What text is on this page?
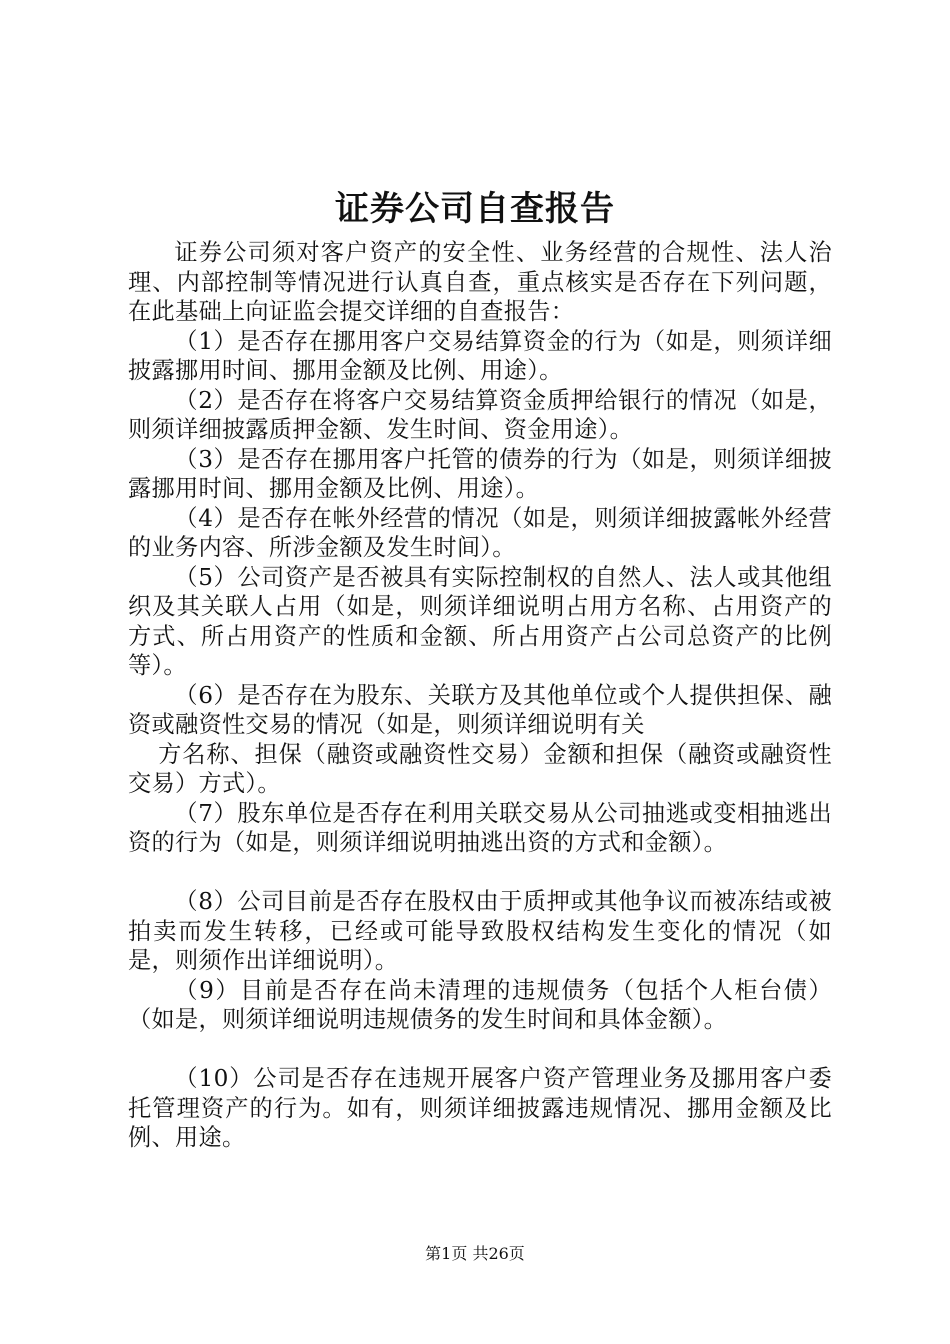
证券公司自查报告

证券公司须对客户资产的安全性、业务经营的合规性、法人治理、内部控制等情况进行认真自查，重点核实是否存在下列问题，在此基础上向证监会提交详细的自查报告：

（1）是否存在挪用客户交易结算资金的行为（如是，则须详细披露挪用时间、挪用金额及比例、用途）。

（2）是否存在将客户交易结算资金质押给银行的情况（如是，则须详细披露质押金额、发生时间、资金用途）。

（3）是否存在挪用客户托管的债券的行为（如是，则须详细披露挪用时间、挪用金额及比例、用途）。

（4）是否存在帐外经营的情况（如是，则须详细披露帐外经营的业务内容、所涉金额及发生时间）。

（5）公司资产是否被具有实际控制权的自然人、法人或其他组织及其关联人占用（如是，则须详细说明占用方名称、占用资产的方式、所占用资产的性质和金额、所占用资产占公司总资产的比例等）。

（6）是否存在为股东、关联方及其他单位或个人提供担保、融资或融资性交易的情况（如是，则须详细说明有关

方名称、担保（融资或融资性交易）金额和担保（融资或融资性交易）方式）。

（7）股东单位是否存在利用关联交易从公司抽逃或变相抽逃出资的行为（如是，则须详细说明抽逃出资的方式和金额）。

（8）公司目前是否存在股权由于质押或其他争议而被冻结或被拍卖而发生转移，已经或可能导致股权结构发生变化的情况（如是，则须作出详细说明）。

（9）目前是否存在尚未清理的违规债务（包括个人柜台债）（如是，则须详细说明违规债务的发生时间和具体金额）。

（10）公司是否存在违规开展客户资产管理业务及挪用客户委托管理资产的行为。如有，则须详细披露违规情况、挪用金额及比例、用途。

第1页 共26页
